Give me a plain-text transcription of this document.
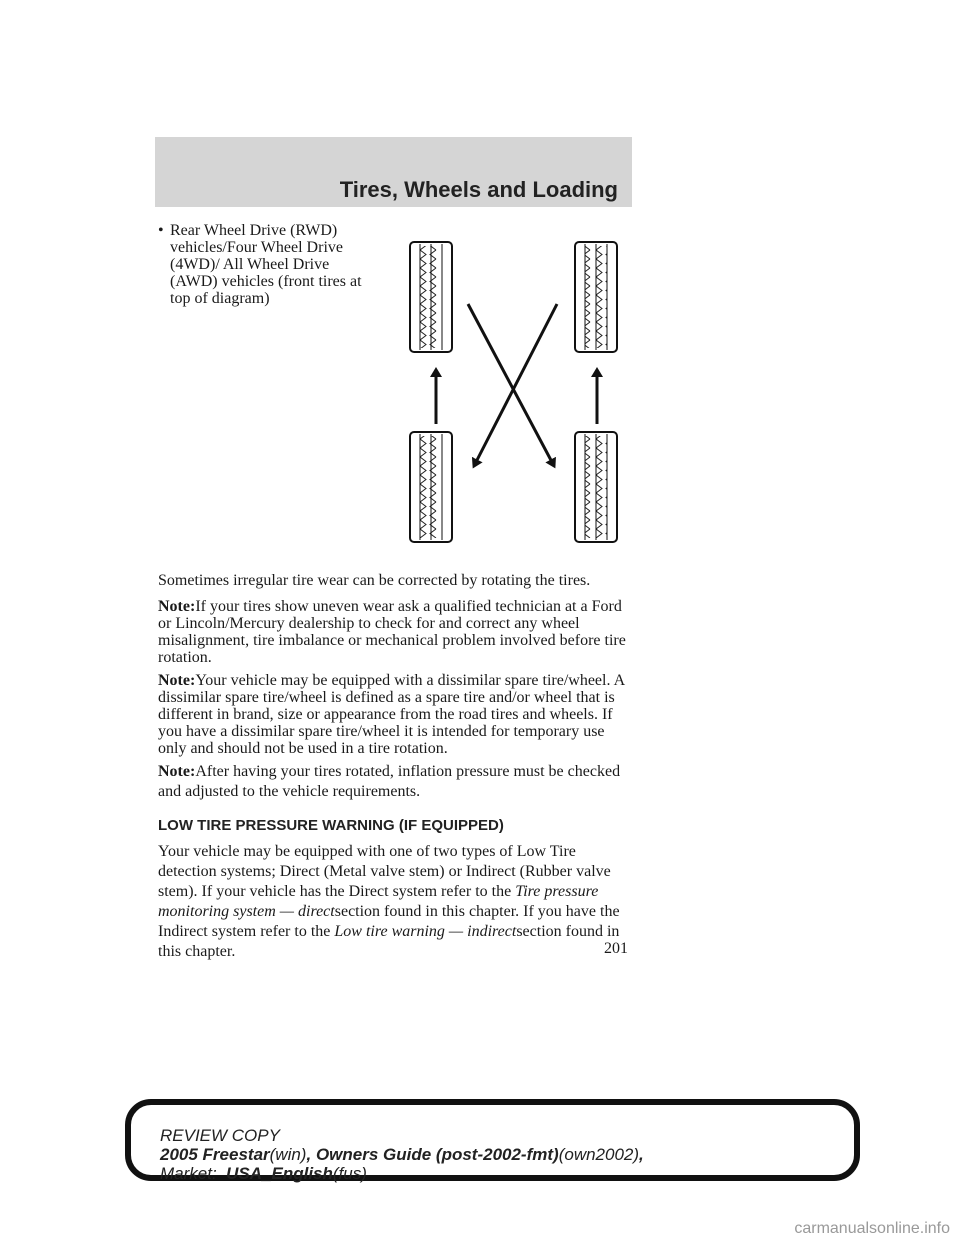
Tires, Wheels and Loading
• Rear Wheel Drive (RWD) vehicles/Four Wheel Drive (4WD)/ All Wheel Drive (AWD) vehicles (front tires at top of diagram)

Sometimes irregular tire wear can be corrected by rotating the tires.

Note:If your tires show uneven wear ask a qualified technician at a Ford or Lincoln/Mercury dealership to check for and correct any wheel misalignment, tire imbalance or mechanical problem involved before tire rotation.

Note:Your vehicle may be equipped with a dissimilar spare tire/wheel. A dissimilar spare tire/wheel is defined as a spare tire and/or wheel that is different in brand, size or appearance from the road tires and wheels. If you have a dissimilar spare tire/wheel it is intended for temporary use only and should not be used in a tire rotation.

Note:After having your tires rotated, inflation pressure must be checked and adjusted to the vehicle requirements.

LOW TIRE PRESSURE WARNING (IF EQUIPPED)

Your vehicle may be equipped with one of two types of Low Tire detection systems; Direct (Metal valve stem) or Indirect (Rubber valve stem). If your vehicle has the Direct system refer to the Tire pressure monitoring system — directsection found in this chapter. If you have the Indirect system refer to the Low tire warning — indirectsection found in this chapter.	201
REVIEW COPY
2005 Freestar(win), Owners Guide (post-2002-fmt)(own2002),
Market: USA_English(fus)
carmanualsonline.info
